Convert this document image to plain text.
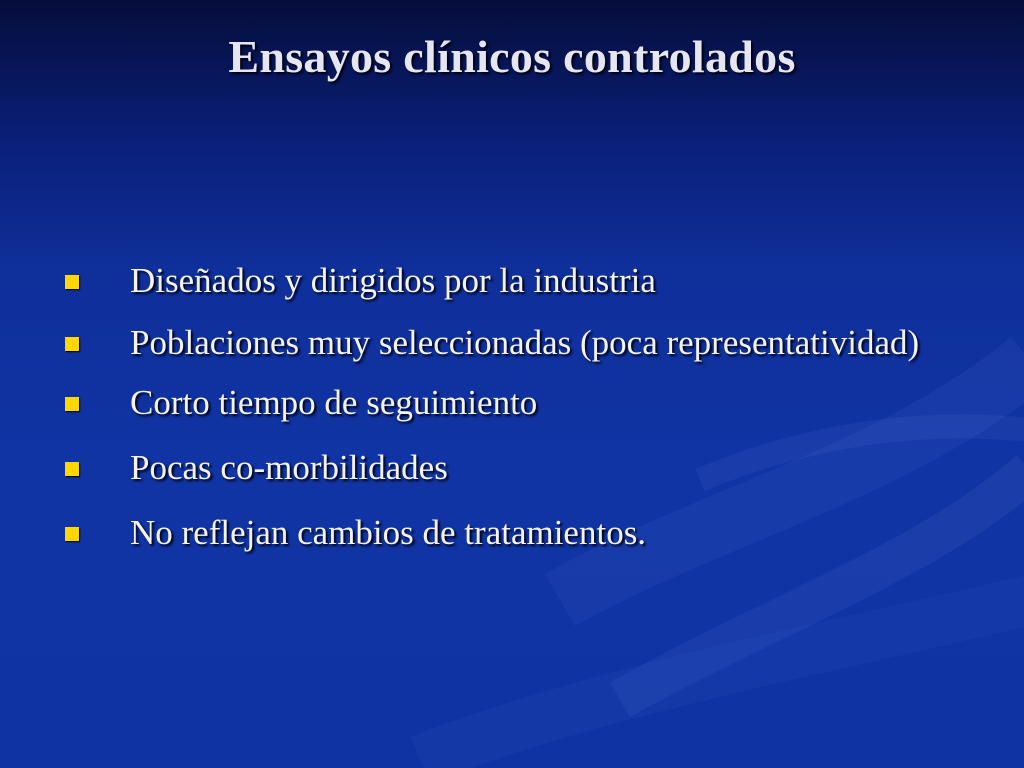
Ensayos clínicos controlados
Diseñados y dirigidos por la industria
Poblaciones muy seleccionadas (poca representatividad)
Corto tiempo de seguimiento
Pocas co-morbilidades
No reflejan cambios de tratamientos.
